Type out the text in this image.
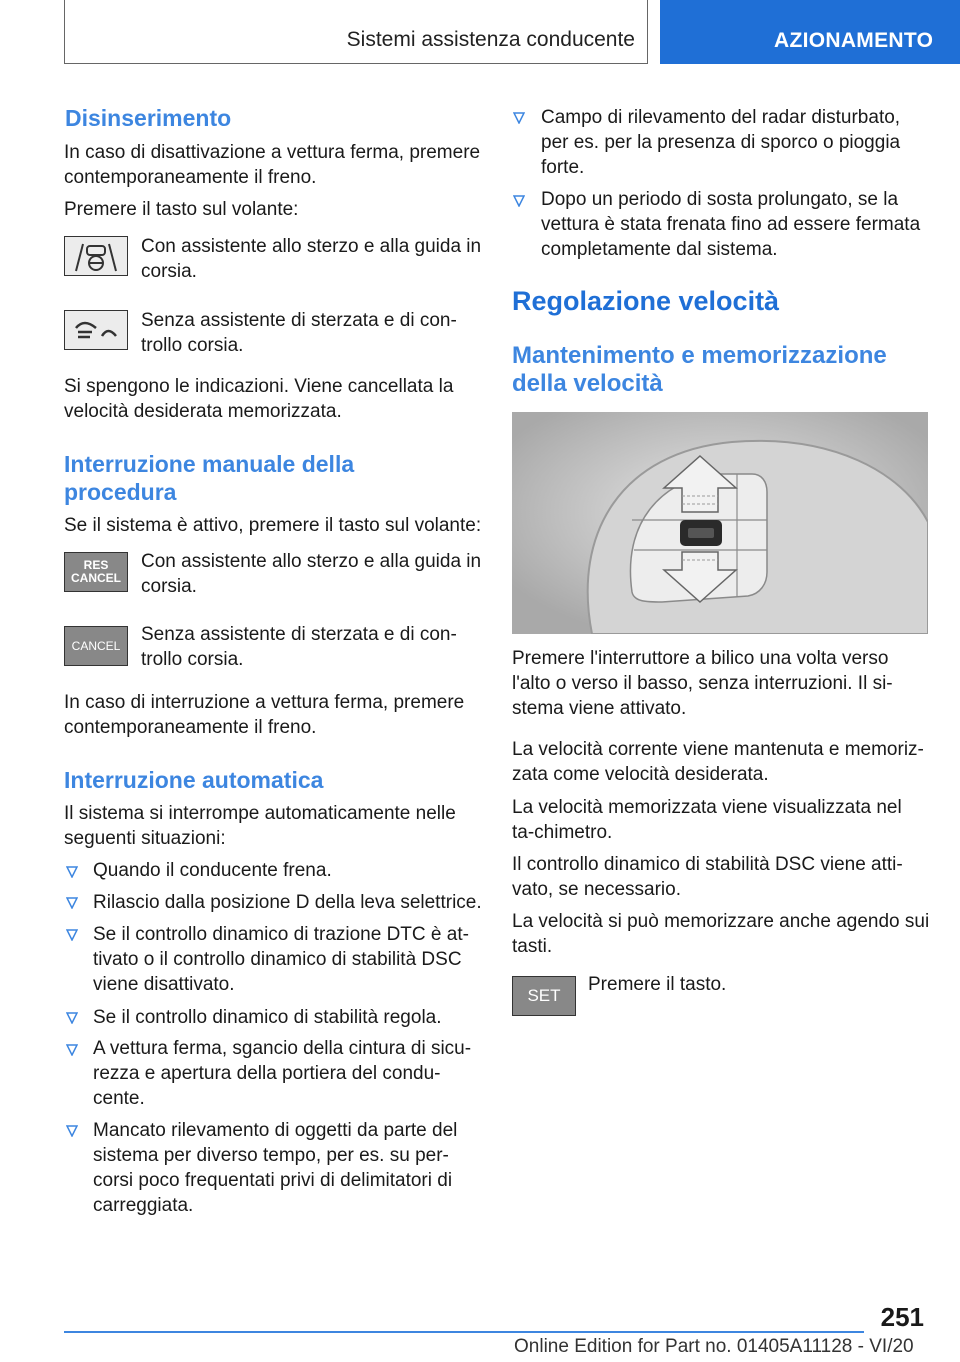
Sistemi assistenza conducente	AZIONAMENTO
Disinserimento

In caso di disattivazione a vettura ferma, premere contemporaneamente il freno.

Premere il tasto sul volante:

Con assistente allo sterzo e alla guida in corsia.

Senza assistente di sterzata e di con-trollo corsia.

Si spengono le indicazioni. Viene cancellata la velocità desiderata memorizzata.

Interruzione manuale della procedura

Se il sistema è attivo, premere il tasto sul volante:

RES
CANCEL

Con assistente allo sterzo e alla guida in corsia.

CANCEL

Senza assistente di sterzata e di con-trollo corsia.

In caso di interruzione a vettura ferma, premere contemporaneamente il freno.

Interruzione automatica

Il sistema si interrompe automaticamente nelle seguenti situazioni:

Quando il conducente frena.

Rilascio dalla posizione D della leva selettrice.

Se il controllo dinamico di trazione DTC è at-tivato o il controllo dinamico di stabilità DSC viene disattivato.

Se il controllo dinamico di stabilità regola.

A vettura ferma, sgancio della cintura di sicu-rezza e apertura della portiera del condu-cente.

Mancato rilevamento di oggetti da parte del sistema per diverso tempo, per es. su per-corsi poco frequentati privi di delimitatori di carreggiata.

Campo di rilevamento del radar disturbato, per es. per la presenza di sporco o pioggia forte.

Dopo un periodo di sosta prolungato, se la vettura è stata frenata fino ad essere fermata completamente dal sistema.

Regolazione velocità
Mantenimento e memorizzazione della velocità

Premere l'interruttore a bilico una volta verso l'alto o verso il basso, senza interruzioni. Il si-stema viene attivato.

La velocità corrente viene mantenuta e memoriz-zata come velocità desiderata.

La velocità memorizzata viene visualizzata nel ta-chimetro.

Il controllo dinamico di stabilità DSC viene atti-vato, se necessario.

La velocità si può memorizzare anche agendo sui tasti.

SET

Premere il tasto.

251
Online Edition for Part no. 01405A11128 - VI/20
